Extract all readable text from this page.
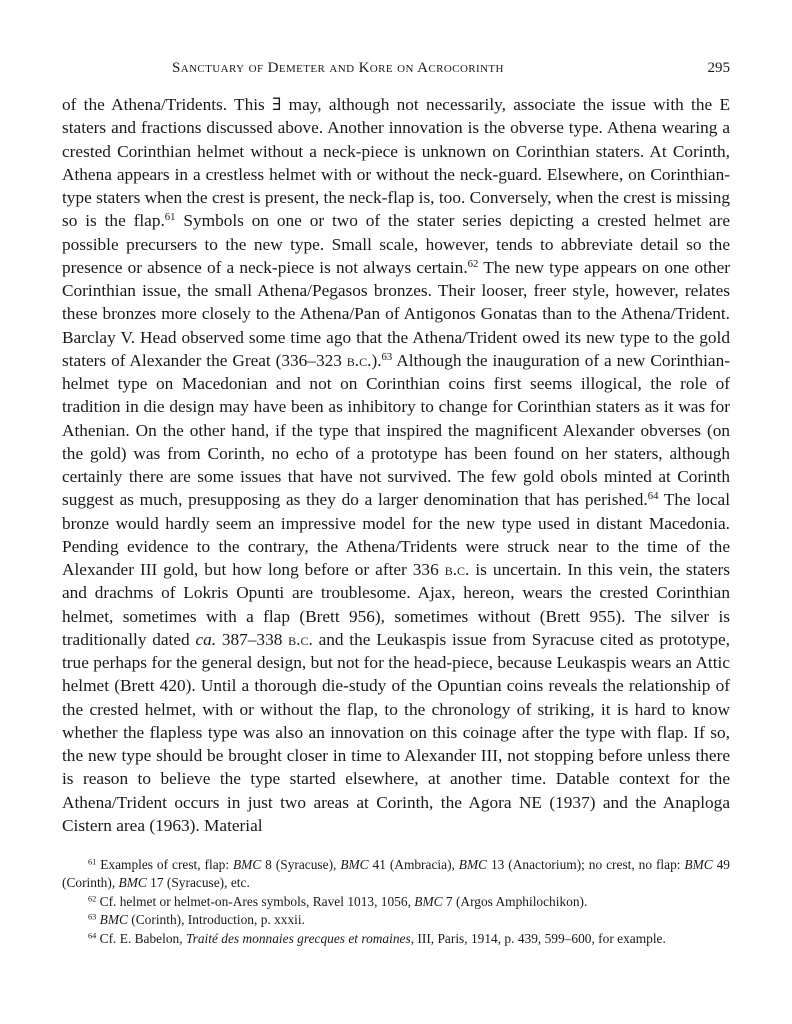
Sanctuary of Demeter and Kore on Acrocorinth	295

of the Athena/Tridents. This ∃ may, although not necessarily, associate the issue with the E staters and fractions discussed above. Another innovation is the obverse type. Athena wearing a crested Corinthian helmet without a neck-piece is unknown on Corinthian staters. At Corinth, Athena appears in a crestless helmet with or without the neck-guard. Elsewhere, on Corinthian-type staters when the crest is present, the neck-flap is, too. Conversely, when the crest is missing so is the flap.$^{61}$ Symbols on one or two of the stater series depicting a crested helmet are possible precursers to the new type. Small scale, however, tends to abbreviate detail so the presence or absence of a neck-piece is not always certain.$^{62}$ The new type appears on one other Corinthian issue, the small Athena/Pegasos bronzes. Their looser, freer style, however, relates these bronzes more closely to the Athena/Pan of Antigonos Gonatas than to the Athena/Trident. Barclay V. Head observed some time ago that the Athena/Trident owed its new type to the gold staters of Alexander the Great (336–323 b.c.).$^{63}$ Although the inauguration of a new Corinthian-helmet type on Macedonian and not on Corinthian coins first seems illogical, the role of tradition in die design may have been as inhibitory to change for Corinthian staters as it was for Athenian. On the other hand, if the type that inspired the magnificent Alexander obverses (on the gold) was from Corinth, no echo of a prototype has been found on her staters, although certainly there are some issues that have not survived. The few gold obols minted at Corinth suggest as much, presupposing as they do a larger denomination that has perished.$^{64}$ The local bronze would hardly seem an impressive model for the new type used in distant Macedonia. Pending evidence to the contrary, the Athena/Tridents were struck near to the time of the Alexander III gold, but how long before or after 336 b.c. is uncertain. In this vein, the staters and drachms of Lokris Opunti are troublesome. Ajax, hereon, wears the crested Corinthian helmet, sometimes with a flap (Brett 956), sometimes without (Brett 955). The silver is traditionally dated ca. 387–338 b.c. and the Leukaspis issue from Syracuse cited as prototype, true perhaps for the general design, but not for the head-piece, because Leukaspis wears an Attic helmet (Brett 420). Until a thorough die-study of the Opuntian coins reveals the relationship of the crested helmet, with or without the flap, to the chronology of striking, it is hard to know whether the flapless type was also an innovation on this coinage after the type with flap. If so, the new type should be brought closer in time to Alexander III, not stopping before unless there is reason to believe the type started elsewhere, at another time. Datable context for the Athena/Trident occurs in just two areas at Corinth, the Agora NE (1937) and the Anaploga Cistern area (1963). Material

$^{61}$ Examples of crest, flap: BMC 8 (Syracuse), BMC 41 (Ambracia), BMC 13 (Anactorium); no crest, no flap: BMC 49 (Corinth), BMC 17 (Syracuse), etc.

$^{62}$ Cf. helmet or helmet-on-Ares symbols, Ravel 1013, 1056, BMC 7 (Argos Amphilochikon).

$^{63}$ BMC (Corinth), Introduction, p. xxxii.

$^{64}$ Cf. E. Babelon, Traité des monnaies grecques et romaines, III, Paris, 1914, p. 439, 599–600, for example.
